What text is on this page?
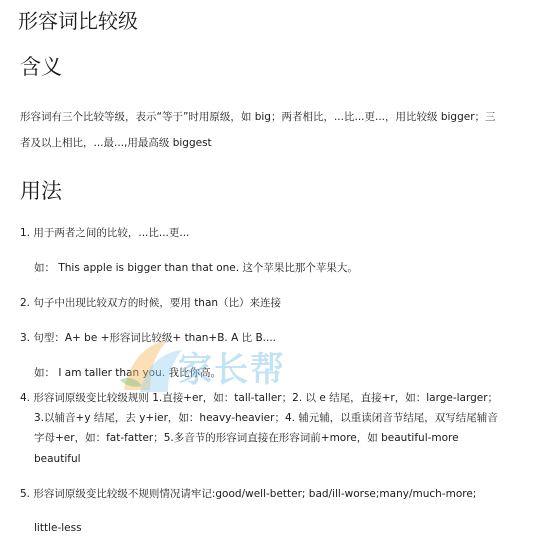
形容词比较级
含义
形容词有三个比较等级，表示“等于”时用原级，如 big；两者相比，...比...更...，用比较级 bigger；三
者及以上相比，...最...,用最高级 biggest
用法
1. 用于两者之间的比较，...比...更...
如： This apple is bigger than that one. 这个苹果比那个苹果大。
2. 句子中出现比较双方的时候，要用 than（比）来连接
3. 句型：A+ be +形容词比较级+ than+B. A 比 B....
如： I am taller than you. 我比你高。
4. 形容词原级变比较级规则 1.直接+er，如：tall-taller；2. 以 e 结尾，直接+r，如：large-larger；
3.以辅音+y 结尾，去 y+ier，如：heavy-heavier；4. 辅元辅，以重读闭音节结尾，双写结尾辅音
字母+er，如：fat-fatter；5.多音节的形容词直接在形容词前+more，如 beautiful-more
beautiful
5. 形容词原级变比较级不规则情况请牢记:good/well-better; bad/ill-worse;many/much-more;
little-less
家长帮
